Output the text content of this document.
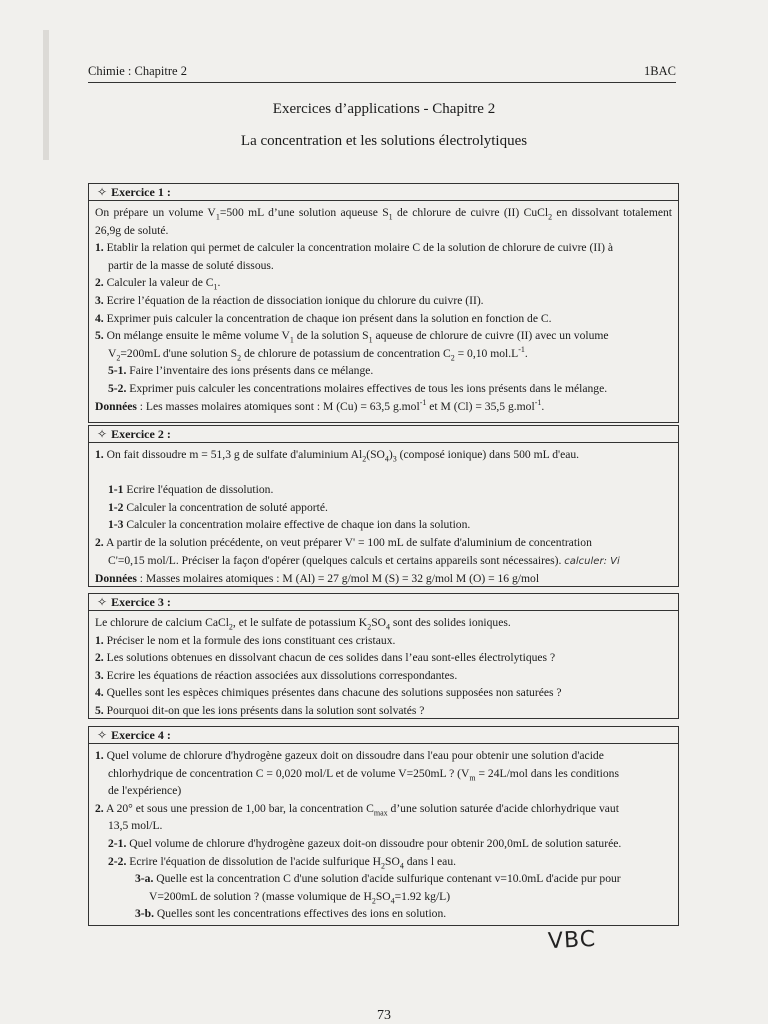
Chimie : Chapitre 2	1BAC
Exercices d’applications - Chapitre 2
La concentration et les solutions électrolytiques
✧ Exercice 1 :

On prépare un volume $V_1=500$ mL d’une solution aqueuse $S_1$ de chlorure de cuivre (II) CuCl$_2$ en dissolvant totalement 26,9g de soluté.

1. Etablir la relation qui permet de calculer la concentration molaire C de la solution de chlorure de cuivre (II) à

partir de la masse de soluté dissous.

2. Calculer la valeur de $C_1$.

3. Ecrire l’équation de la réaction de dissociation ionique du chlorure du cuivre (II).

4. Exprimer puis calculer la concentration de chaque ion présent dans la solution en fonction de C.

5. On mélange ensuite le même volume $V_1$ de la solution $S_1$ aqueuse de chlorure de cuivre (II) avec un volume

$V_2=200mL$ d'une solution $S_2$ de chlorure de potassium de concentration $C_2 = 0,10$ $mol.L^{-1}$.

5-1. Faire l’inventaire des ions présents dans ce mélange.

5-2. Exprimer puis calculer les concentrations molaires effectives de tous les ions présents dans le mélange.

Données : Les masses molaires atomiques sont : M (Cu) = 63,5 g.mol$^{-1}$ et M (Cl) = 35,5 g.mol$^{-1}$.

✧ Exercice 2 :

1. On fait dissoudre m = 51,3 g de sulfate d'aluminium $Al_2(SO_4)_3$ (composé ionique) dans 500 mL d'eau.

1-1 Ecrire l'équation de dissolution.

1-2 Calculer la concentration de soluté apporté.

1-3 Calculer la concentration molaire effective de chaque ion dans la solution.

2. A partir de la solution précédente, on veut préparer V' = 100 mL de sulfate d'aluminium de concentration

C'=0,15 mol/L. Préciser la façon d'opérer (quelques calculs et certains appareils sont nécessaires). calculer: Vi

Données : Masses molaires atomiques : M (Al) = 27 g/mol M (S) = 32 g/mol M (O) = 16 g/mol

✧ Exercice 3 :

Le chlorure de calcium CaCl$_2$, et le sulfate de potassium $K_2SO_4$ sont des solides ioniques.

1. Préciser le nom et la formule des ions constituant ces cristaux.

2. Les solutions obtenues en dissolvant chacun de ces solides dans l’eau sont-elles électrolytiques ?

3. Ecrire les équations de réaction associées aux dissolutions correspondantes.

4. Quelles sont les espèces chimiques présentes dans chacune des solutions supposées non saturées ?

5. Pourquoi dit-on que les ions présents dans la solution sont solvatés ?

✧ Exercice 4 :

1. Quel volume de chlorure d'hydrogène gazeux doit on dissoudre dans l'eau pour obtenir une solution d'acide

chlorhydrique de concentration C = 0,020 mol/L et de volume V=250mL ? ($V_m = 24L/mol$ dans les conditions

de l'expérience)

2. A 20° et sous une pression de 1,00 bar, la concentration $C_{max}$ d’une solution saturée d'acide chlorhydrique vaut

13,5 mol/L.

2-1. Quel volume de chlorure d'hydrogène gazeux doit-on dissoudre pour obtenir 200,0mL de solution saturée.

2-2. Ecrire l'équation de dissolution de l'acide sulfurique $H_2SO_4$ dans l eau.

3-a. Quelle est la concentration C d'une solution d'acide sulfurique contenant v=10.0mL d'acide pur pour

V=200mL de solution ? (masse volumique de $H_2SO_4=1.92$ kg/L)

3-b. Quelles sont les concentrations effectives des ions en solution.

VBC
73
